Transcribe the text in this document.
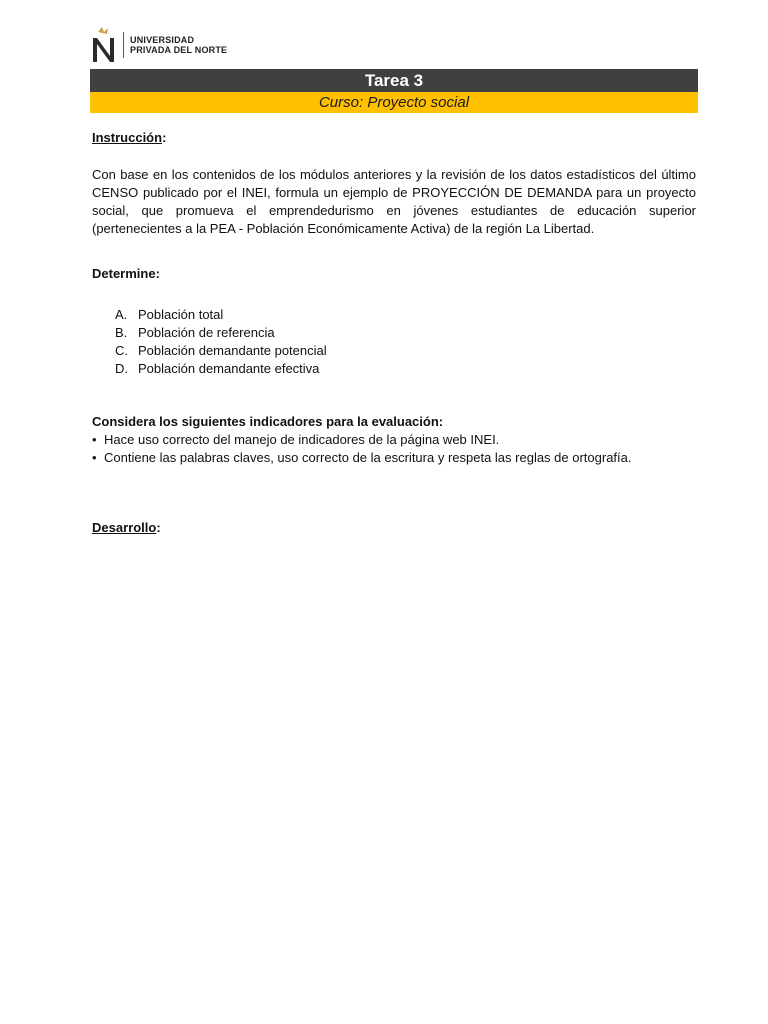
UNIVERSIDAD
PRIVADA DEL NORTE
Tarea 3
Curso: Proyecto social

Instrucción:

Con base en los contenidos de los módulos anteriores y la revisión de los datos estadísticos del último CENSO publicado por el INEI, formula un ejemplo de PROYECCIÓN DE DEMANDA para un proyecto social, que promueva el emprendedurismo en jóvenes estudiantes de educación superior (pertenecientes a la PEA - Población Económicamente Activa) de la región La Libertad.

Determine:

A. Población total
B. Población de referencia
C. Población demandante potencial
D. Población demandante efectiva

Considera los siguientes indicadores para la evaluación:

• Hace uso correcto del manejo de indicadores de la página web INEI.
• Contiene las palabras claves, uso correcto de la escritura y respeta las reglas de ortografía.

Desarrollo:
